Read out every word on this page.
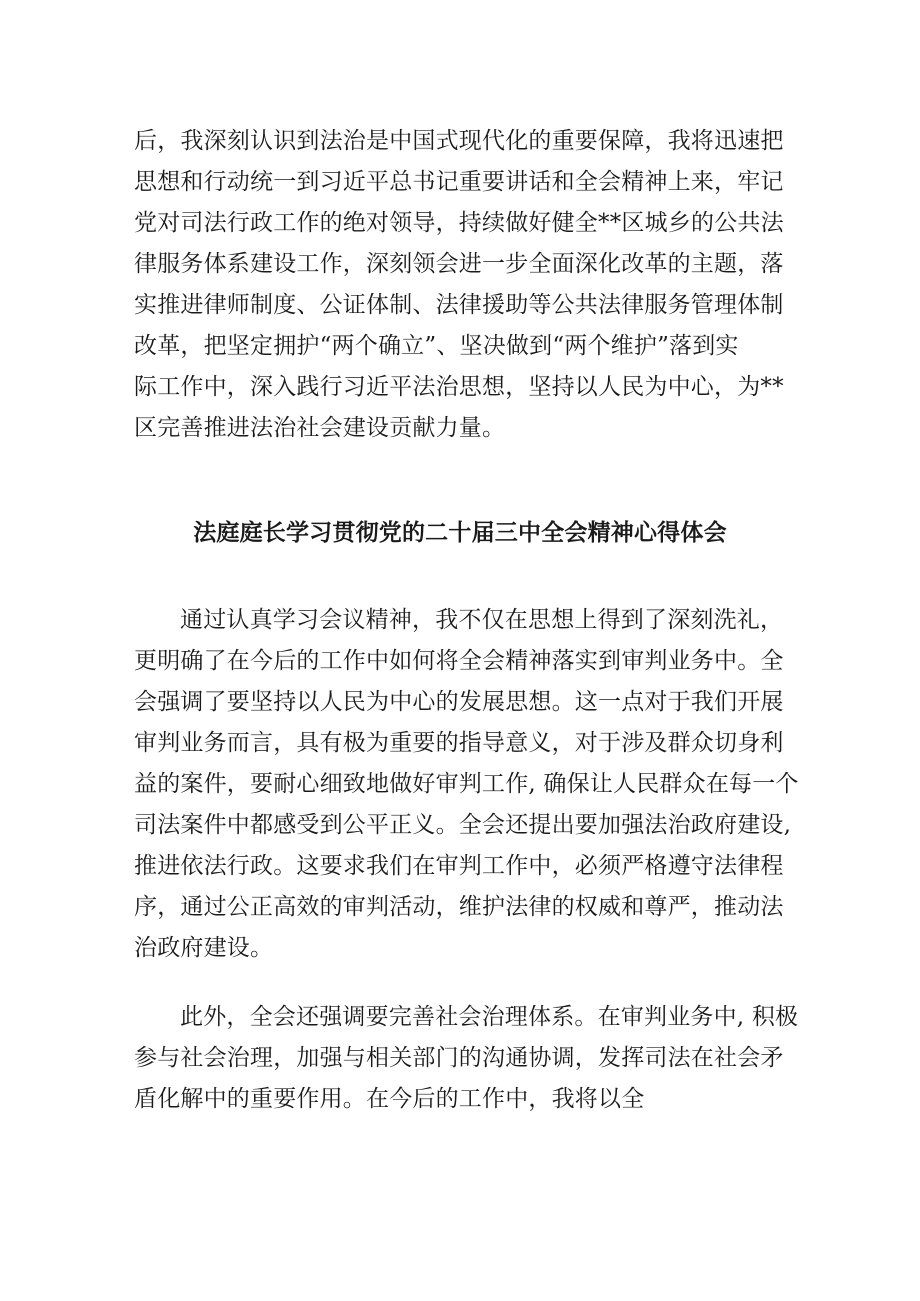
后，我深刻认识到法治是中国式现代化的重要保障，我将迅速把
思想和行动统一到习近平总书记重要讲话和全会精神上来，牢记
党对司法行政工作的绝对领导，持续做好健全**区城乡的公共法
律服务体系建设工作，深刻领会进一步全面深化改革的主题，落
实推进律师制度、公证体制、法律援助等公共法律服务管理体制
改革，把坚定拥护“两个确立”、坚决做到“两个维护”落到实
际工作中，深入践行习近平法治思想，坚持以人民为中心，为**
区完善推进法治社会建设贡献力量。
法庭庭长学习贯彻党的二十届三中全会精神心得体会
通过认真学习会议精神，我不仅在思想上得到了深刻洗礼，
更明确了在今后的工作中如何将全会精神落实到审判业务中。全
会强调了要坚持以人民为中心的发展思想。这一点对于我们开展
审判业务而言，具有极为重要的指导意义，对于涉及群众切身利
益的案件，要耐心细致地做好审判工作, 确保让人民群众在每一个
司法案件中都感受到公平正义。全会还提出要加强法治政府建设,
推进依法行政。这要求我们在审判工作中，必须严格遵守法律程
序，通过公正高效的审判活动，维护法律的权威和尊严，推动法
治政府建设。
此外，全会还强调要完善社会治理体系。在审判业务中, 积极
参与社会治理，加强与相关部门的沟通协调，发挥司法在社会矛
盾化解中的重要作用。在今后的工作中，我将以全
